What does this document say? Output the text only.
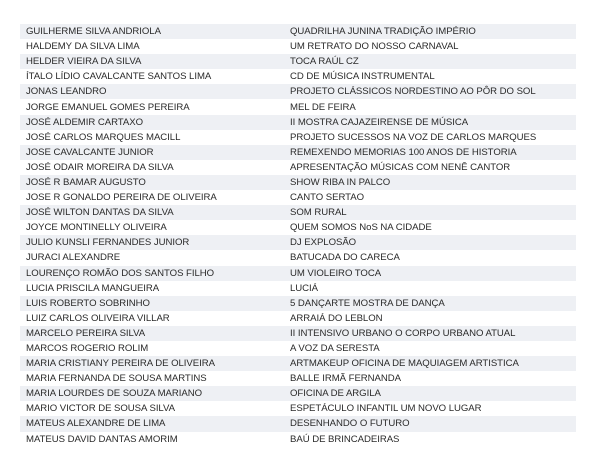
GUILHERME SILVA ANDRIOLA	QUADRILHA JUNINA TRADIÇÃO IMPÉRIO
HALDEMY DA SILVA LIMA	UM RETRATO DO NOSSO CARNAVAL
HELDER VIEIRA DA SILVA	TOCA RAÚL CZ
ÍTALO LÍDIO CAVALCANTE SANTOS LIMA	CD DE MÚSICA INSTRUMENTAL
JONAS LEANDRO	PROJETO CLÁSSICOS NORDESTINO AO PÔR DO SOL
JORGE EMANUEL GOMES PEREIRA	MEL DE FEIRA
JOSÉ ALDEMIR CARTAXO	II MOSTRA CAJAZEIRENSE DE MÚSICA
JOSÉ CARLOS MARQUES MACILL	PROJETO SUCESSOS NA VOZ DE CARLOS MARQUES
JOSE CAVALCANTE JUNIOR	REMEXENDO MEMORIAS 100 ANOS DE HISTORIA
JOSÉ ODAIR MOREIRA DA SILVA	APRESENTAÇÃO MÚSICAS COM NENÊ CANTOR
JOSÉ R BAMAR AUGUSTO	SHOW RIBA IN PALCO
JOSE R GONALDO PEREIRA DE OLIVEIRA	CANTO SERTAO
JOSÉ WILTON DANTAS DA SILVA	SOM RURAL
JOYCE MONTINELLY OLIVEIRA	QUEM SOMOS NoS NA CIDADE
JULIO KUNSLI FERNANDES JUNIOR	DJ EXPLOSÃO
JURACI ALEXANDRE	BATUCADA DO CARECA
LOURENÇO ROMÃO DOS SANTOS FILHO	UM VIOLEIRO TOCA
LUCIA PRISCILA MANGUEIRA	LUCIÁ
LUIS ROBERTO SOBRINHO	5 DANÇARTE MOSTRA DE DANÇA
LUIZ CARLOS OLIVEIRA VILLAR	ARRAIÁ DO LEBLON
MARCELO PEREIRA SILVA	II INTENSIVO URBANO O CORPO URBANO ATUAL
MARCOS ROGERIO ROLIM	A VOZ DA SERESTA
MARIA CRISTIANY PEREIRA DE OLIVEIRA	ARTMAKEUP OFICINA DE MAQUIAGEM ARTISTICA
MARIA FERNANDA DE SOUSA MARTINS	BALLE IRMÃ FERNANDA
MARIA LOURDES DE SOUZA MARIANO	OFICINA DE ARGILA
MARIO VICTOR DE SOUSA SILVA	ESPETÁCULO INFANTIL UM NOVO LUGAR
MATEUS ALEXANDRE DE LIMA	DESENHANDO O FUTURO
MATEUS DAVID DANTAS AMORIM	BAÚ DE BRINCADEIRAS
